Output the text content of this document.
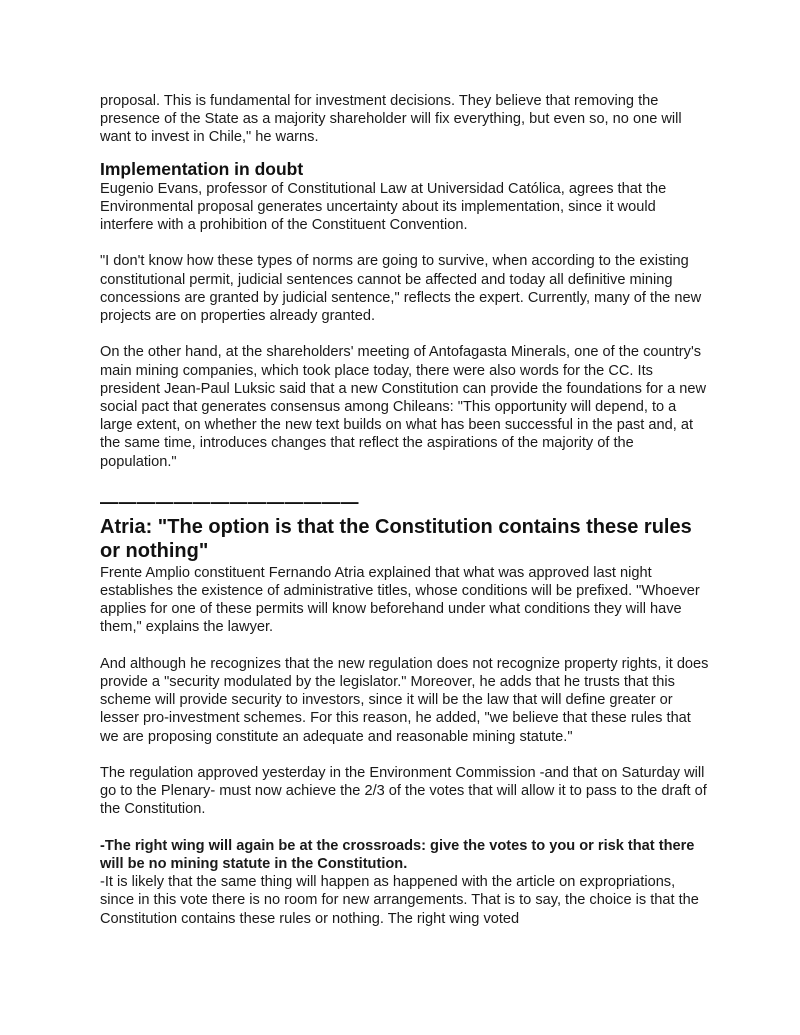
proposal. This is fundamental for investment decisions. They believe that removing the presence of the State as a majority shareholder will fix everything, but even so, no one will want to invest in Chile," he warns.

Implementation in doubt

Eugenio Evans, professor of Constitutional Law at Universidad Católica, agrees that the Environmental proposal generates uncertainty about its implementation, since it would interfere with a prohibition of the Constituent Convention.

"I don't know how these types of norms are going to survive, when according to the existing constitutional permit, judicial sentences cannot be affected and today all definitive mining concessions are granted by judicial sentence," reflects the expert. Currently, many of the new projects are on properties already granted.

On the other hand, at the shareholders' meeting of Antofagasta Minerals, one of the country's main mining companies, which took place today, there were also words for the CC. Its president Jean-Paul Luksic said that a new Constitution can provide the foundations for a new social pact that generates consensus among Chileans: "This opportunity will depend, to a large extent, on whether the new text builds on what has been successful in the past and, at the same time, introduces changes that reflect the aspirations of the majority of the population."

——————————————
Atria: "The option is that the Constitution contains these rules or nothing"

Frente Amplio constituent Fernando Atria explained that what was approved last night establishes the existence of administrative titles, whose conditions will be prefixed. "Whoever applies for one of these permits will know beforehand under what conditions they will have them," explains the lawyer.

And although he recognizes that the new regulation does not recognize property rights, it does provide a "security modulated by the legislator." Moreover, he adds that he trusts that this scheme will provide security to investors, since it will be the law that will define greater or lesser pro-investment schemes. For this reason, he added, "we believe that these rules that we are proposing constitute an adequate and reasonable mining statute."

The regulation approved yesterday in the Environment Commission -and that on Saturday will go to the Plenary- must now achieve the 2/3 of the votes that will allow it to pass to the draft of the Constitution.

-The right wing will again be at the crossroads: give the votes to you or risk that there will be no mining statute in the Constitution.

-It is likely that the same thing will happen as happened with the article on expropriations, since in this vote there is no room for new arrangements. That is to say, the choice is that the Constitution contains these rules or nothing. The right wing voted
